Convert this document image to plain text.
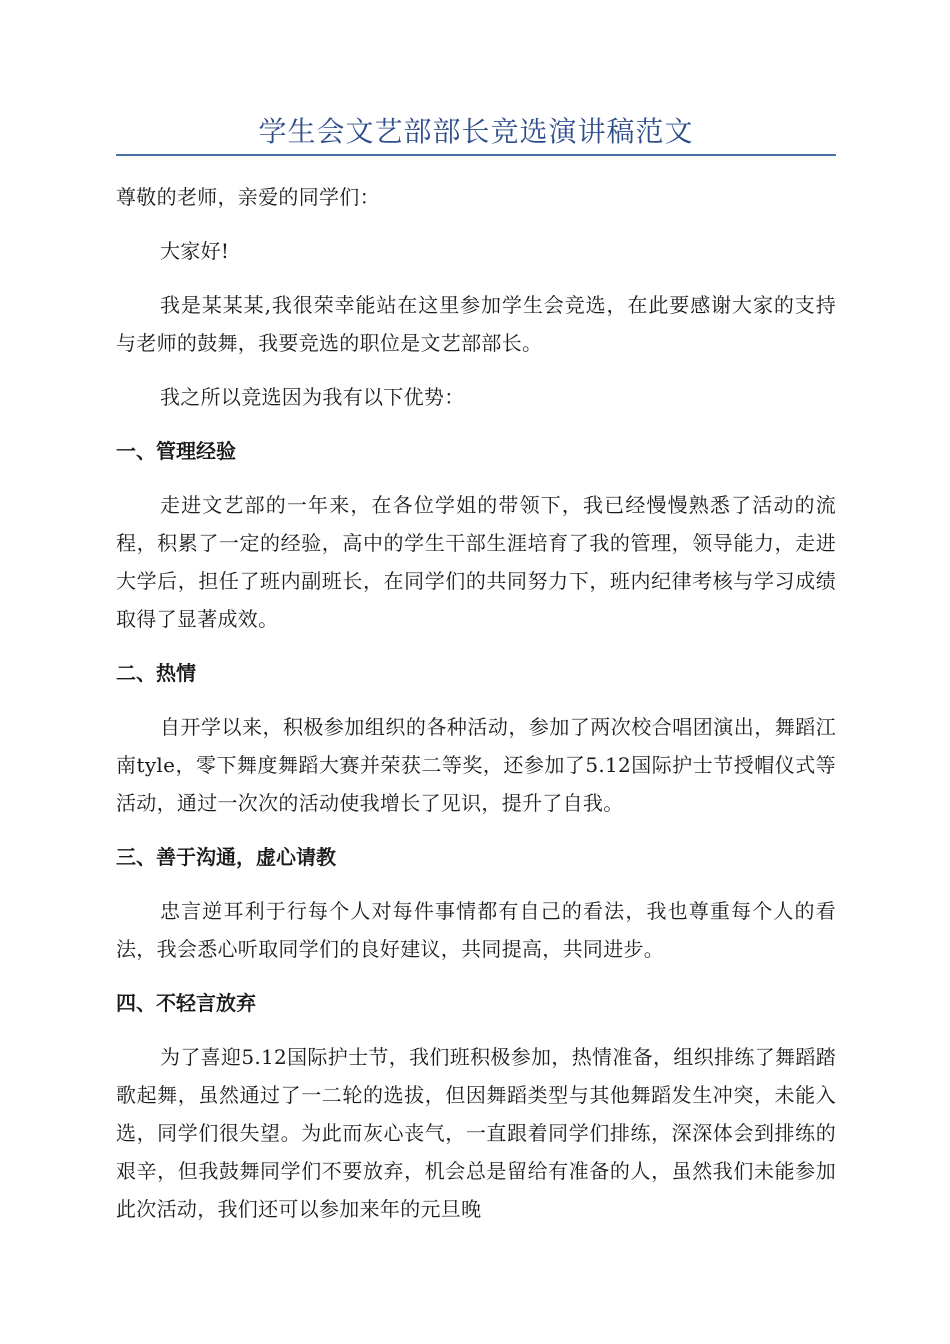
学生会文艺部部长竞选演讲稿范文

尊敬的老师，亲爱的同学们：

大家好!

我是某某某,我很荣幸能站在这里参加学生会竞选，在此要感谢大家的支持与老师的鼓舞，我要竞选的职位是文艺部部长。

我之所以竞选因为我有以下优势：

一、管理经验

走进文艺部的一年来，在各位学姐的带领下，我已经慢慢熟悉了活动的流程，积累了一定的经验，高中的学生干部生涯培育了我的管理，领导能力，走进大学后，担任了班内副班长，在同学们的共同努力下，班内纪律考核与学习成绩取得了显著成效。

二、热情

自开学以来，积极参加组织的各种活动，参加了两次校合唱团演出，舞蹈江南tyle，零下舞度舞蹈大赛并荣获二等奖，还参加了5.12国际护士节授帽仪式等活动，通过一次次的活动使我增长了见识，提升了自我。

三、善于沟通，虚心请教

忠言逆耳利于行每个人对每件事情都有自己的看法，我也尊重每个人的看法，我会悉心听取同学们的良好建议，共同提高，共同进步。

四、不轻言放弃

为了喜迎5.12国际护士节，我们班积极参加，热情准备，组织排练了舞蹈踏歌起舞，虽然通过了一二轮的选拔，但因舞蹈类型与其他舞蹈发生冲突，未能入选，同学们很失望。为此而灰心丧气，一直跟着同学们排练，深深体会到排练的艰辛，但我鼓舞同学们不要放弃，机会总是留给有准备的人，虽然我们未能参加此次活动，我们还可以参加来年的元旦晚
